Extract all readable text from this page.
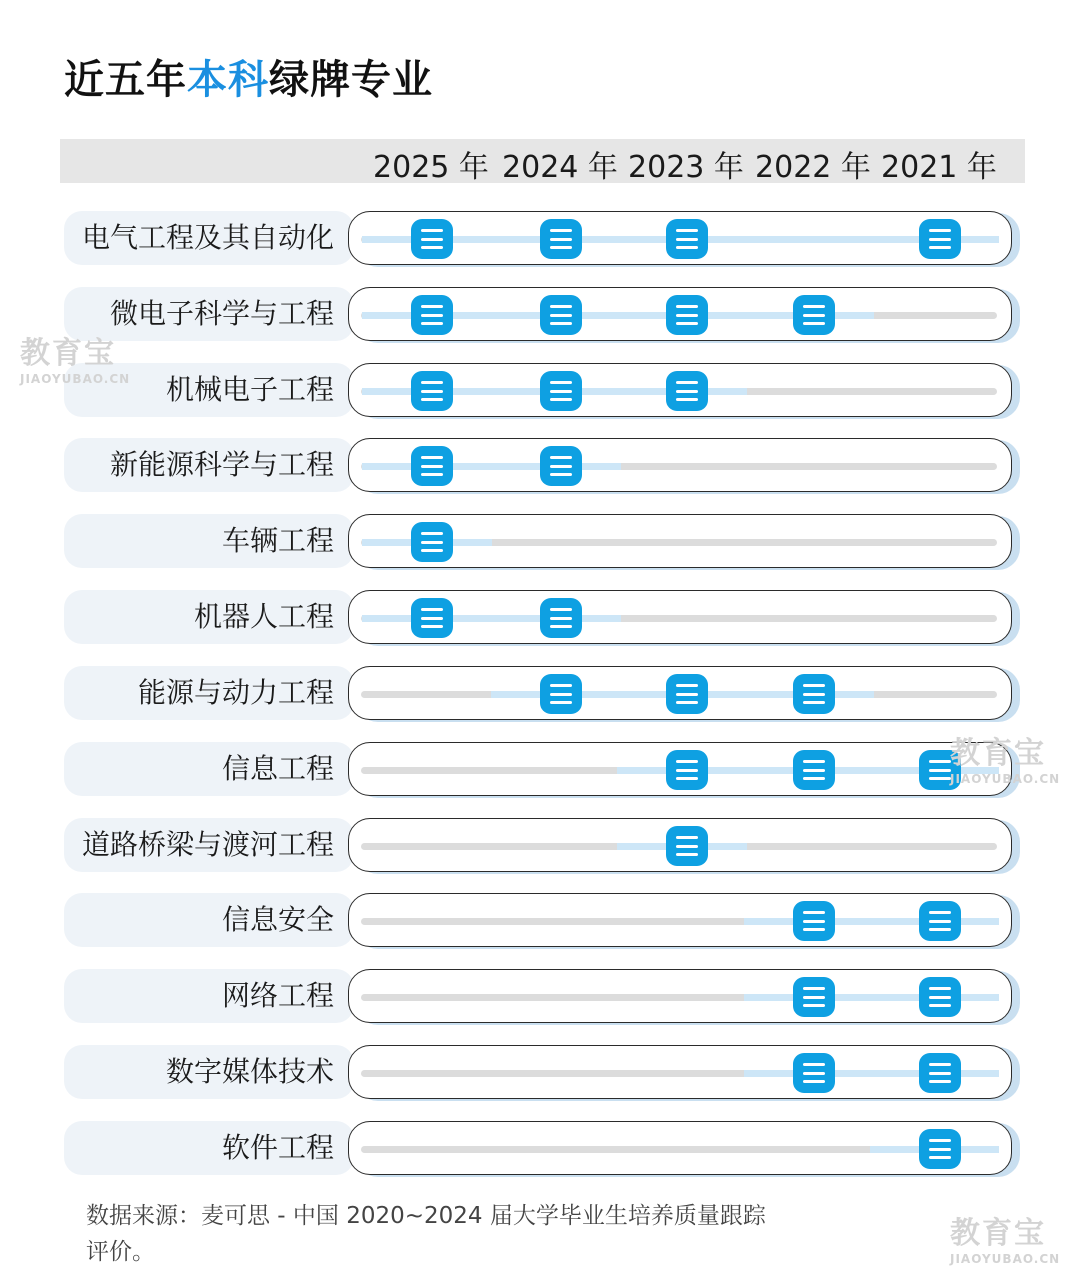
近五年本科绿牌专业
2025 年 2024 年 2023 年 2022 年 2021 年
电气工程及其自动化
微电子科学与工程
机械电子工程
新能源科学与工程
车辆工程
机器人工程
能源与动力工程
信息工程
道路桥梁与渡河工程
信息安全
网络工程
数字媒体技术
软件工程
数据来源：麦可思 - 中国 2020~2024 届大学毕业生培养质量跟踪评价。
教育宝
JIAOYUBAO.CN
教育宝
JIAOYUBAO.CN
教育宝
JIAOYUBAO.CN
